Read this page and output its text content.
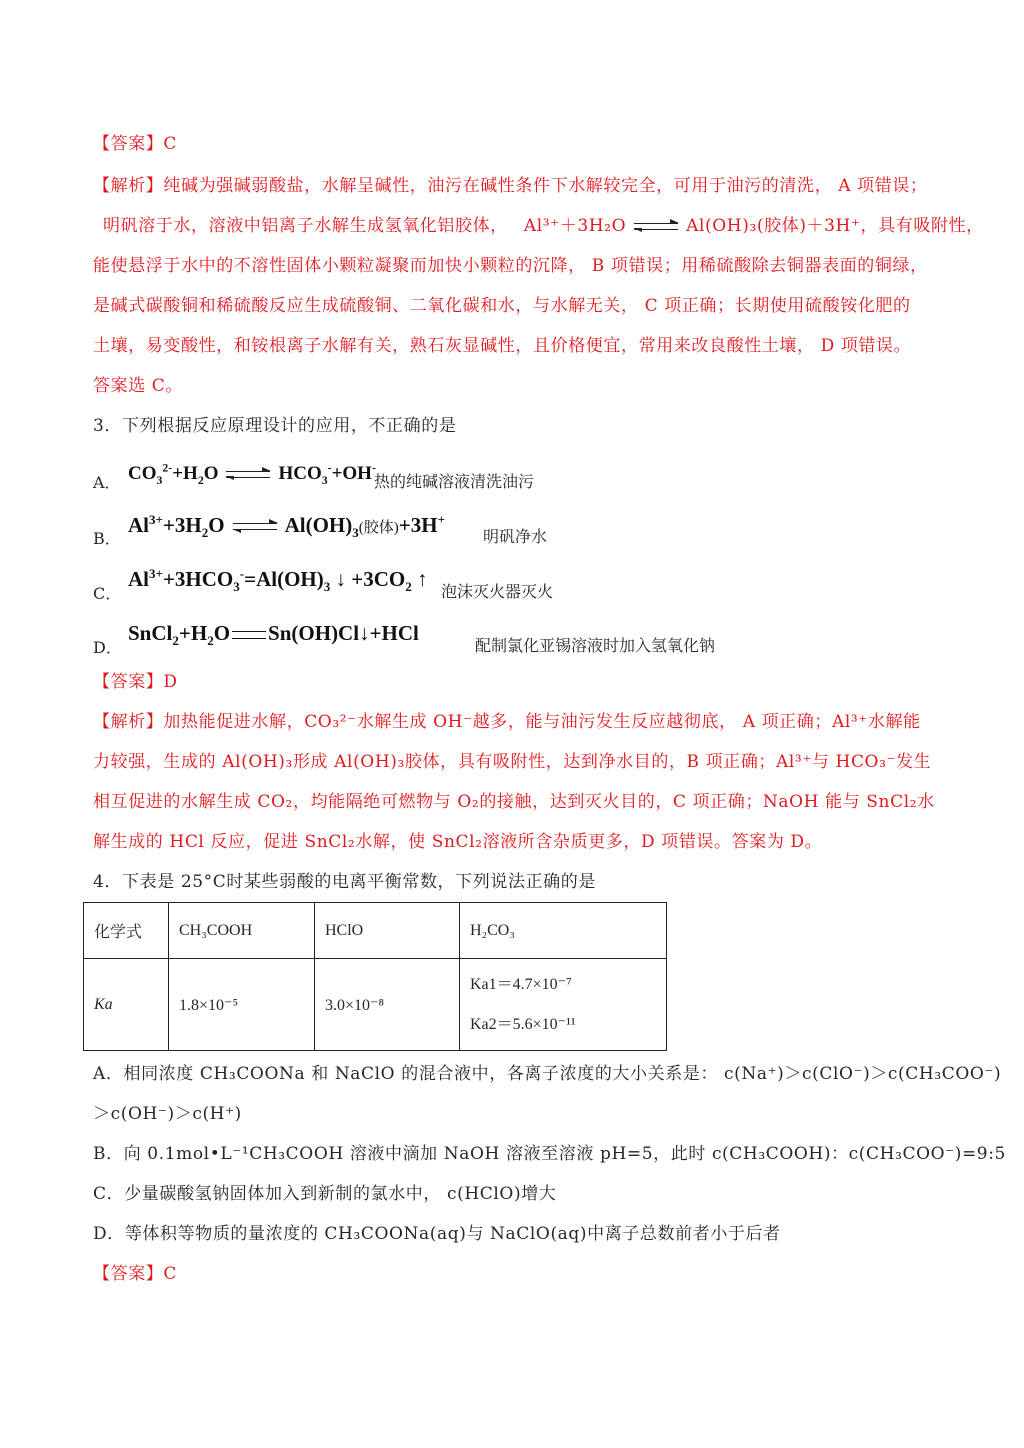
【答案】C
【解析】纯碱为强碱弱酸盐，水解呈碱性，油污在碱性条件下水解较完全，可用于油污的清洗， A 项错误；
明矾溶于水，溶液中铝离子水解生成氢氧化铝胶体， Al³⁺＋3H₂O ⇌ Al(OH)₃(胶体)＋3H⁺，具有吸附性，
能使悬浮于水中的不溶性固体小颗粒凝聚而加快小颗粒的沉降， B 项错误；用稀硫酸除去铜器表面的铜绿，
是碱式碳酸铜和稀硫酸反应生成硫酸铜、二氧化碳和水，与水解无关， C 项正确；长期使用硫酸铵化肥的
土壤，易变酸性，和铵根离子水解有关，熟石灰显碱性，且价格便宜，常用来改良酸性土壤， D 项错误。
答案选 C。
3．下列根据反应原理设计的应用，不正确的是
A． $CO_3^{2-}+H_2O$ ⇌ $HCO_3^-+OH^-$
热的纯碱溶液清洗油污
B．
$Al^{3+}+3H_2O$ ⇌ $Al(OH)_3$(胶体)+3H+
明矾净水
C．
$Al^{3+}+3HCO_3^-=Al(OH)_3$ ↓ $+3CO_2$ ↑
泡沫灭火器灭火
D．
$SnCl_2+H_2O$ Sn(OH)Cl↓+HCl
配制氯化亚锡溶液时加入氢氧化钠
【答案】D
【解析】加热能促进水解，CO₃²⁻水解生成 OH⁻越多，能与油污发生反应越彻底， A 项正确；Al³⁺水解能
力较强，生成的 Al(OH)₃形成 Al(OH)₃胶体，具有吸附性，达到净水目的，B 项正确；Al³⁺与 HCO₃⁻发生
相互促进的水解生成 CO₂，均能隔绝可燃物与 O₂的接触，达到灭火目的，C 项正确；NaOH 能与 SnCl₂水
解生成的 HCl 反应，促进 SnCl₂水解，使 SnCl₂溶液所含杂质更多，D 项错误。答案为 D。
4．下表是 25°C时某些弱酸的电离平衡常数，下列说法正确的是
化学式	CH₃COOH	HClO	H₂CO₃
Ka	1.8×10⁻⁵	3.0×10⁻⁸	Ka1＝4.7×10⁻⁷
Ka2＝5.6×10⁻¹¹
A．相同浓度 CH₃COONa 和 NaClO 的混合液中，各离子浓度的大小关系是： c(Na⁺)＞c(ClO⁻)＞c(CH₃COO⁻)
＞c(OH⁻)＞c(H⁺)
B．向 0.1mol•L⁻¹CH₃COOH 溶液中滴加 NaOH 溶液至溶液 pH=5，此时 c(CH₃COOH)：c(CH₃COO⁻)=9:5
C．少量碳酸氢钠固体加入到新制的氯水中， c(HClO)增大
D．等体积等物质的量浓度的 CH₃COONa(aq)与 NaClO(aq)中离子总数前者小于后者
【答案】C
